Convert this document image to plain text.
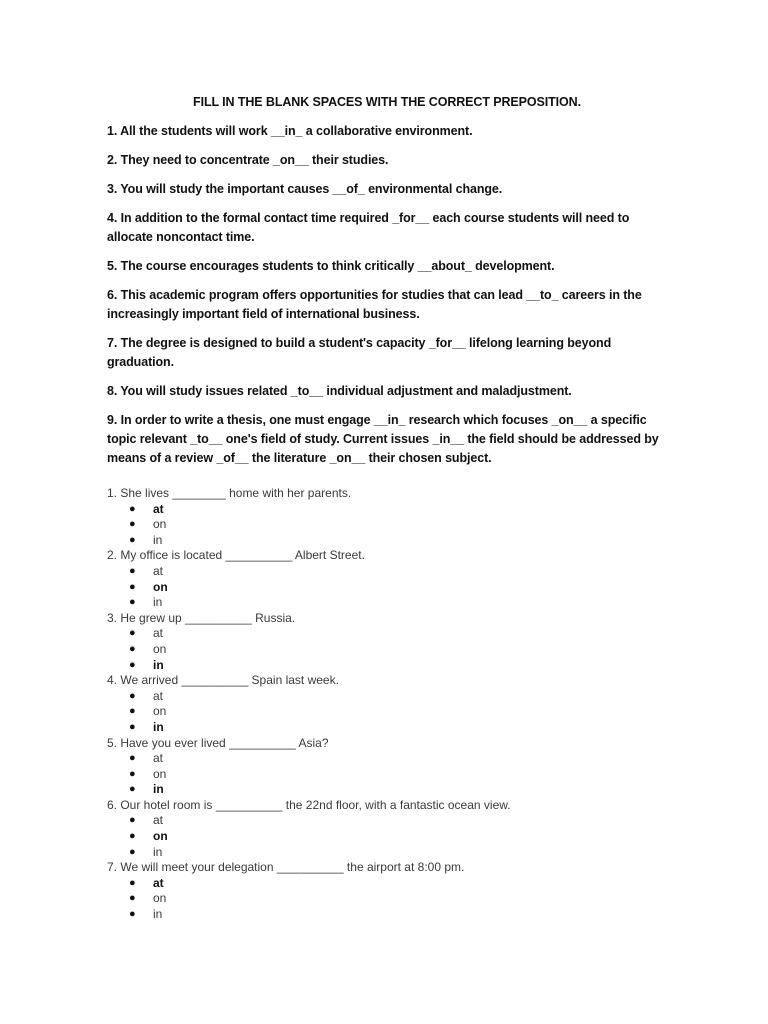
FILL IN THE BLANK SPACES WITH THE CORRECT PREPOSITION.
1. All the students will work __in_ a collaborative environment.
2. They need to concentrate _on__ their studies.
3. You will study the important causes __of_ environmental change.
4. In addition to the formal contact time required _for__ each course students will need to allocate noncontact time.
5. The course encourages students to think critically __about_ development.
6. This academic program offers opportunities for studies that can lead __to_ careers in the increasingly important field of international business.
7. The degree is designed to build a student's capacity _for__ lifelong learning beyond graduation.
8. You will study issues related _to__ individual adjustment and maladjustment.
9. In order to write a thesis, one must engage __in_ research which focuses _on__ a specific topic relevant _to__ one's field of study. Current issues _in__ the field should be addressed by means of a review _of__ the literature _on__ their chosen subject.
1. She lives ________ home with her parents.
● at
● on
● in
2. My office is located __________ Albert Street.
● at
● on
● in
3. He grew up __________ Russia.
● at
● on
● in
4. We arrived __________ Spain last week.
● at
● on
● in
5. Have you ever lived __________ Asia?
● at
● on
● in
6. Our hotel room is __________ the 22nd floor, with a fantastic ocean view.
● at
● on
● in
7. We will meet your delegation __________ the airport at 8:00 pm.
● at
● on
● in
